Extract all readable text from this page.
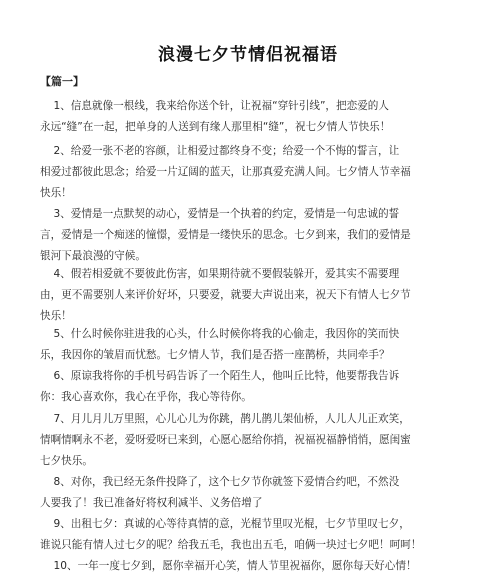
浪漫七夕节情侣祝福语
【篇一】

1、信息就像一根线，我来给你送个针，让祝福“穿针引线”，把恋爱的人
永远“缝”在一起，把单身的人送到有缘人那里相“缝”，祝七夕情人节快乐！

2、给爱一张不老的容颜，让相爱过都终身不变；给爱一个不悔的誓言，让
相爱过都彼此思念；给爱一片辽阔的蓝天，让那真爱充满人间。七夕情人节幸福
快乐！

3、爱情是一点默契的动心，爱情是一个执着的约定，爱情是一句忠诚的誓
言，爱情是一个痴迷的憧憬，爱情是一缕快乐的思念。七夕到来，我们的爱情是
银河下最浪漫的守候。

4、假若相爱就不要彼此伤害，如果期待就不要假装躲开，爱其实不需要理
由，更不需要别人来评价好坏，只要爱，就要大声说出来，祝天下有情人七夕节
快乐！

5、什么时候你驻进我的心头，什么时候你将我的心偷走，我因你的笑而快
乐，我因你的皱眉而忧愁。七夕情人节，我们是否搭一座鹊桥，共同牵手？

6、原谅我将你的手机号码告诉了一个陌生人，他叫丘比特，他要帮我告诉
你：我心喜欢你，我心在乎你，我心等待你。

7、月儿月儿万里照，心儿心儿为你跳，鹊儿鹊儿架仙桥，人儿人儿正欢笑，
情啊情啊永不老，爱呀爱呀已来到，心愿心愿给你捎，祝福祝福静悄悄，愿闺蜜
七夕快乐。

8、对你，我已经无条件投降了，这个七夕节你就签下爱情合约吧，不然没
人要我了！我已准备好将权利减半、义务倍增了

9、出租七夕：真诚的心等待真情的意，光棍节里叹光棍，七夕节里叹七夕，
谁说只能有情人过七夕的呢？给我五毛，我也出五毛，咱俩一块过七夕吧！呵呵！

10、一年一度七夕到，愿你幸福开心笑，情人节里祝福你，愿你每天好心情！
